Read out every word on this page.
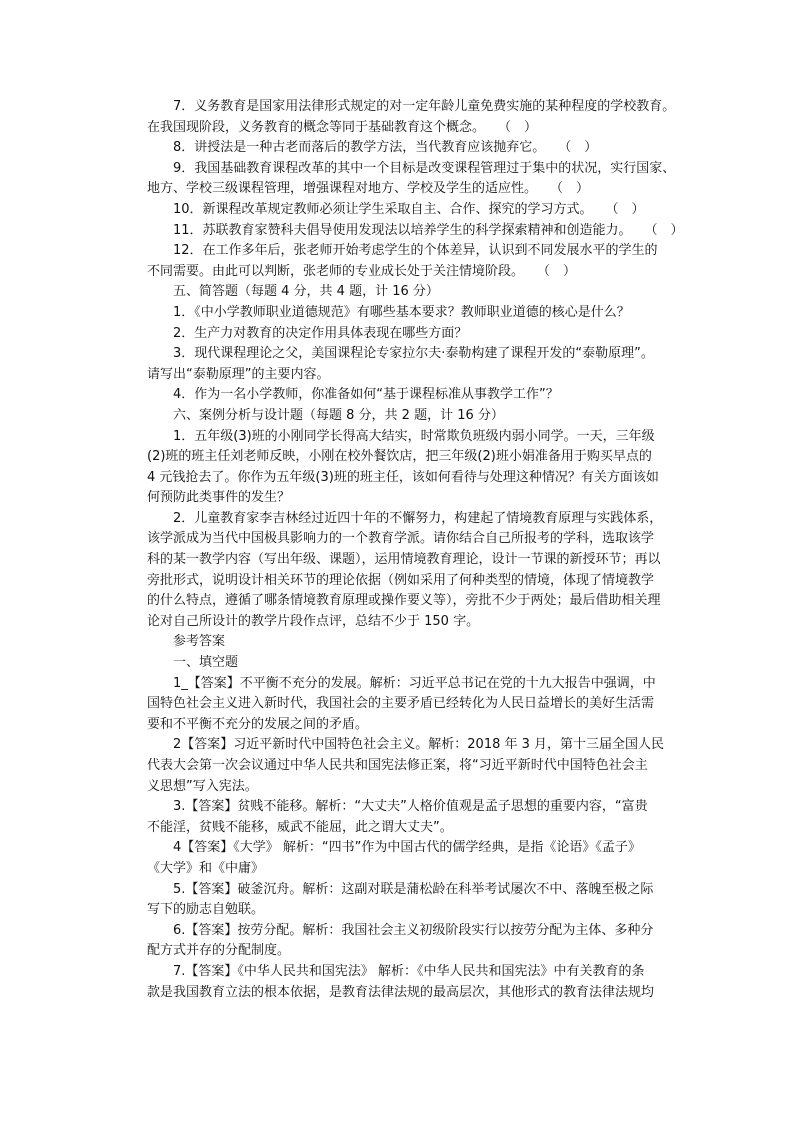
　　7．义务教育是国家用法律形式规定的对一定年龄儿童免费实施的某种程度的学校教育。
在我国现阶段，义务教育的概念等同于基础教育这个概念。　　（　）
　　8．讲授法是一种古老而落后的教学方法，当代教育应该抛弃它。　　（　）
　　9．我国基础教育课程改革的其中一个目标是改变课程管理过于集中的状况，实行国家、
地方、学校三级课程管理，增强课程对地方、学校及学生的适应性。　　（　）
　　10．新课程改革规定教师必须让学生采取自主、合作、探究的学习方式。　　（　）
　　11．苏联教育家赞科夫倡导使用发现法以培养学生的科学探索精神和创造能力。　　（　）
　　12．在工作多年后，张老师开始考虑学生的个体差异，认识到不同发展水平的学生的
不同需要。由此可以判断，张老师的专业成长处于关注情境阶段。　　（　）
　　五、简答题（每题 4 分，共 4 题，计 16 分）
　　1．《中小学教师职业道德规范》有哪些基本要求？教师职业道德的核心是什么？
　　2．生产力对教育的决定作用具体表现在哪些方面？
　　3．现代课程理论之父，美国课程论专家拉尔夫·泰勒构建了课程开发的“泰勒原理”。
请写出“泰勒原理”的主要内容。
　　4．作为一名小学教师，你准备如何“基于课程标准从事教学工作”？
　　六、案例分析与设计题（每题 8 分，共 2 题，计 16 分）
　　1．五年级(3)班的小刚同学长得高大结实，时常欺负班级内弱小同学。一天，三年级
(2)班的班主任刘老师反映，小刚在校外餐饮店，把三年级(2)班小娟准备用于购买早点的
4 元钱抢去了。你作为五年级(3)班的班主任，该如何看待与处理这种情况？有关方面该如
何预防此类事件的发生？
　　2．儿童教育家李吉林经过近四十年的不懈努力，构建起了情境教育原理与实践体系，
该学派成为当代中国极具影响力的一个教育学派。请你结合自己所报考的学科，选取该学
科的某一教学内容（写出年级、课题），运用情境教育理论，设计一节课的新授环节；再以
旁批形式，说明设计相关环节的理论依据（例如采用了何种类型的情境，体现了情境教学
的什么特点，遵循了哪条情境教育原理或操作要义等），旁批不少于两处；最后借助相关理
论对自己所设计的教学片段作点评，总结不少于 150 字。
　　参考答案
　　一、填空题
　　1_【答案】不平衡不充分的发展。解析：习近平总书记在党的十九大报告中强调，中
国特色社会主义进入新时代，我国社会的主要矛盾已经转化为人民日益增长的美好生活需
要和不平衡不充分的发展之间的矛盾。
　　2【答案】习近平新时代中国特色社会主义。解析：2018 年 3 月，第十三届全国人民
代表大会第一次会议通过中华人民共和国宪法修正案，将“习近平新时代中国特色社会主
义思想”写入宪法。
　　3.【答案】贫贱不能移。解析：“大丈夫”人格价值观是孟子思想的重要内容，“富贵
不能淫，贫贱不能移，威武不能屈，此之谓大丈夫”。
　　4【答案】《大学》 解析：“四书”作为中国古代的儒学经典，是指《论语》《孟子》
《大学》和《中庸》
　　5.【答案】破釜沉舟。解析：这副对联是蒲松龄在科举考试屡次不中、落魄至极之际
写下的励志自勉联。
　　6.【答案】按劳分配。解析：我国社会主义初级阶段实行以按劳分配为主体、多种分
配方式并存的分配制度。
　　7.【答案】《中华人民共和国宪法》 解析：《中华人民共和国宪法》中有关教育的条
款是我国教育立法的根本依据，是教育法律法规的最高层次，其他形式的教育法律法规均
